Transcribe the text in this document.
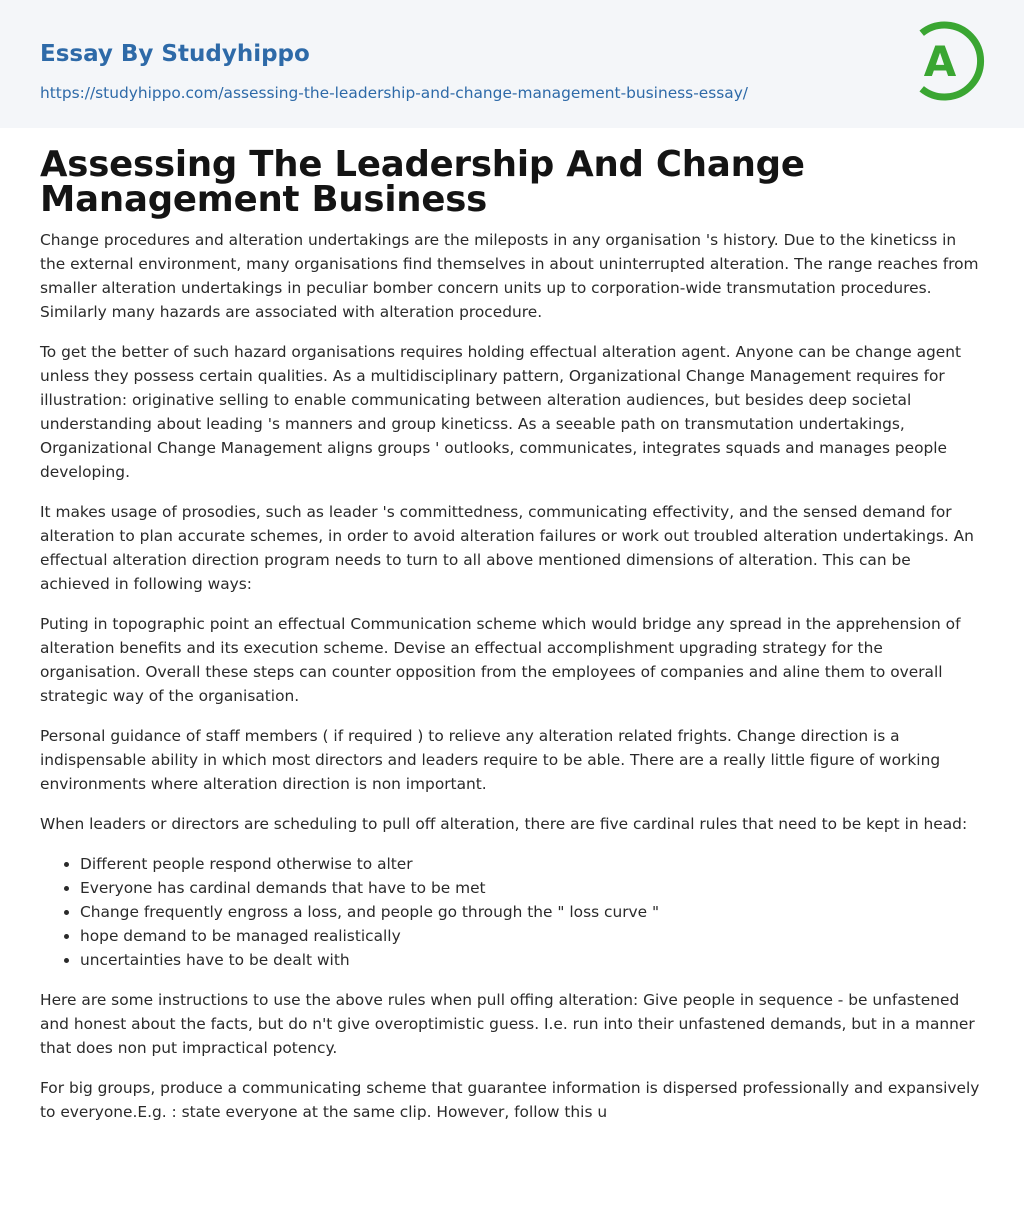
Essay By Studyhippo
https://studyhippo.com/assessing-the-leadership-and-change-management-business-essay/
A
Assessing The Leadership And Change Management Business

Change procedures and alteration undertakings are the mileposts in any organisation 's history. Due to the kineticss in the external environment, many organisations find themselves in about uninterrupted alteration. The range reaches from smaller alteration undertakings in peculiar bomber concern units up to corporation-wide transmutation procedures. Similarly many hazards are associated with alteration procedure.

To get the better of such hazard organisations requires holding effectual alteration agent. Anyone can be change agent unless they possess certain qualities. As a multidisciplinary pattern, Organizational Change Management requires for illustration: originative selling to enable communicating between alteration audiences, but besides deep societal understanding about leading 's manners and group kineticss. As a seeable path on transmutation undertakings, Organizational Change Management aligns groups ' outlooks, communicates, integrates squads and manages people developing.

It makes usage of prosodies, such as leader 's committedness, communicating effectivity, and the sensed demand for alteration to plan accurate schemes, in order to avoid alteration failures or work out troubled alteration undertakings. An effectual alteration direction program needs to turn to all above mentioned dimensions of alteration. This can be achieved in following ways:

Puting in topographic point an effectual Communication scheme which would bridge any spread in the apprehension of alteration benefits and its execution scheme. Devise an effectual accomplishment upgrading strategy for the organisation. Overall these steps can counter opposition from the employees of companies and aline them to overall strategic way of the organisation.

Personal guidance of staff members ( if required ) to relieve any alteration related frights. Change direction is a indispensable ability in which most directors and leaders require to be able. There are a really little figure of working environments where alteration direction is non important.

When leaders or directors are scheduling to pull off alteration, there are five cardinal rules that need to be kept in head:

• Different people respond otherwise to alter
• Everyone has cardinal demands that have to be met
• Change frequently engross a loss, and people go through the " loss curve "
• hope demand to be managed realistically
• uncertainties have to be dealt with

Here are some instructions to use the above rules when pull offing alteration: Give people in sequence - be unfastened and honest about the facts, but do n't give overoptimistic guess. I.e. run into their unfastened demands, but in a manner that does non put impractical potency.

For big groups, produce a communicating scheme that guarantee information is dispersed professionally and expansively to everyone.E.g. : state everyone at the same clip. However, follow this u
